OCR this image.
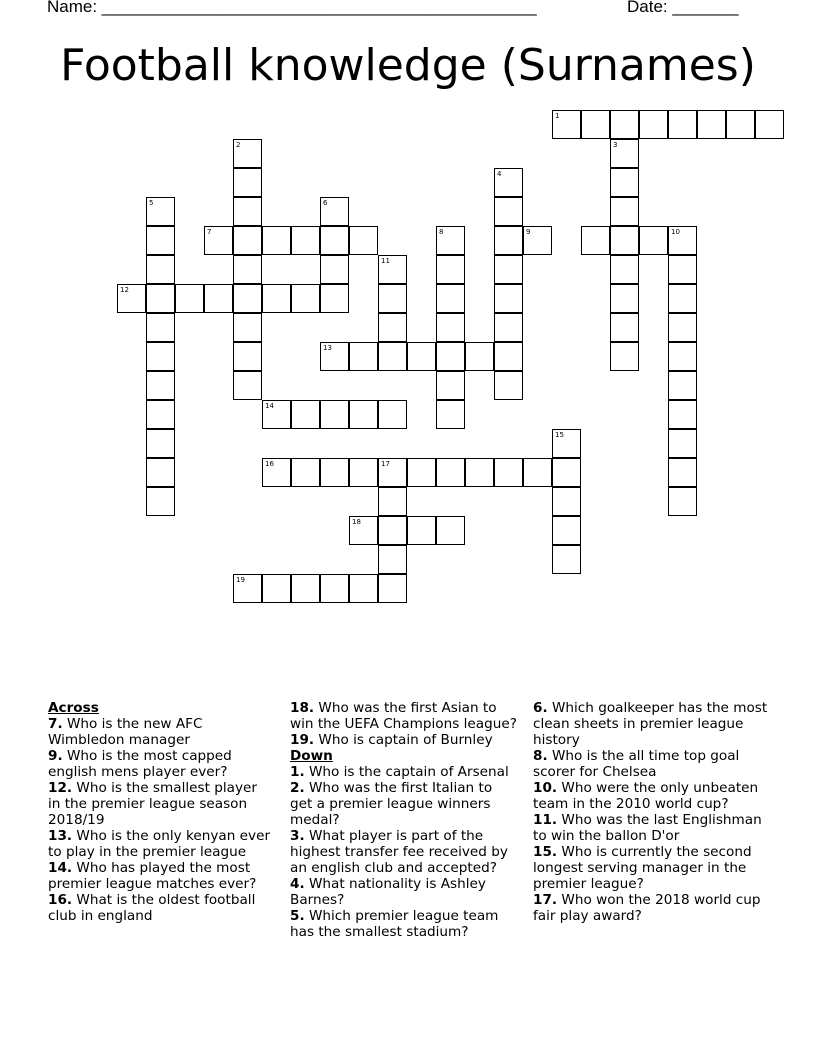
Name: ______________________________________________	Date: _______
Football knowledge (Surnames)
1
2	3
4
5	6
7	8	9	10
11
12
13
14
15
16	17
18
19
Across
7. Who is the new AFC Wimbledon manager
9. Who is the most capped english mens player ever?
12. Who is the smallest player in the premier league season 2018/19
13. Who is the only kenyan ever to play in the premier league
14. Who has played the most premier league matches ever?
16. What is the oldest football club in england
18. Who was the first Asian to win the UEFA Champions league?
19. Who is captain of Burnley
Down
1. Who is the captain of Arsenal
2. Who was the first Italian to get a premier league winners medal?
3. What player is part of the highest transfer fee received by an english club and accepted?
4. What nationality is Ashley Barnes?
5. Which premier league team has the smallest stadium?
6. Which goalkeeper has the most clean sheets in premier league history
8. Who is the all time top goal scorer for Chelsea
10. Who were the only unbeaten team in the 2010 world cup?
11. Who was the last Englishman to win the ballon D'or
15. Who is currently the second longest serving manager in the premier league?
17. Who won the 2018 world cup fair play award?
